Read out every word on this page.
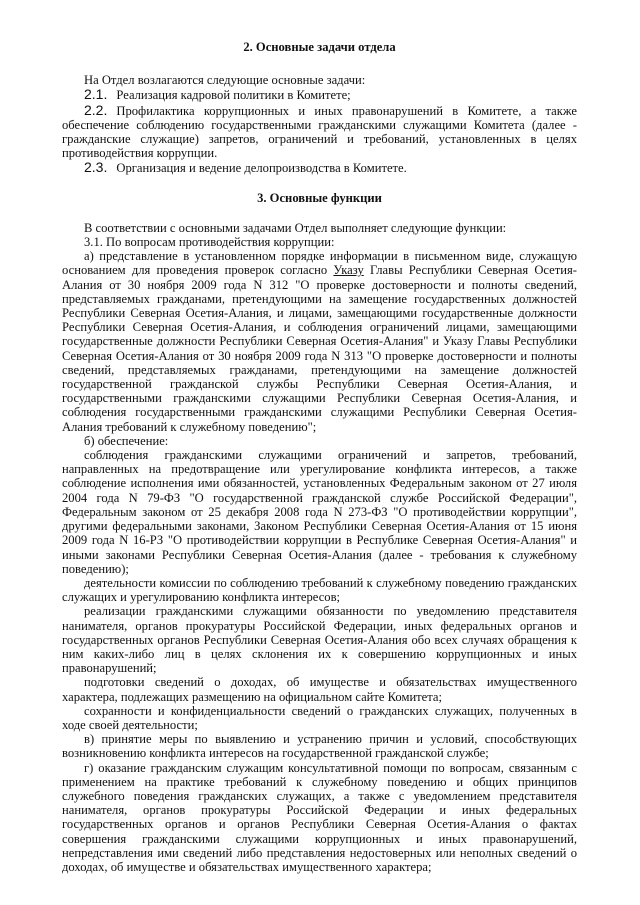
2. Основные задачи отдела

На Отдел возлагаются следующие основные задачи:

2.1. Реализация кадровой политики в Комитете;

2.2. Профилактика коррупционных и иных правонарушений в Комитете, а также обеспечение соблюдению государственными гражданскими служащими Комитета (далее - гражданские служащие) запретов, ограничений и требований, установленных в целях противодействия коррупции.

2.3. Организация и ведение делопроизводства в Комитете.

3. Основные функции

В соответствии с основными задачами Отдел выполняет следующие функции:

3.1. По вопросам противодействия коррупции:

а) представление в установленном порядке информации в письменном виде, служащую основанием для проведения проверок согласно Указу Главы Республики Северная Осетия-Алания от 30 ноября 2009 года N 312 "О проверке достоверности и полноты сведений, представляемых гражданами, претендующими на замещение государственных должностей Республики Северная Осетия-Алания, и лицами, замещающими государственные должности Республики Северная Осетия-Алания, и соблюдения ограничений лицами, замещающими государственные должности Республики Северная Осетия-Алания" и Указу Главы Республики Северная Осетия-Алания от 30 ноября 2009 года N 313 "О проверке достоверности и полноты сведений, представляемых гражданами, претендующими на замещение должностей государственной гражданской службы Республики Северная Осетия-Алания, и государственными гражданскими служащими Республики Северная Осетия-Алания, и соблюдения государственными гражданскими служащими Республики Северная Осетия-Алания требований к служебному поведению";

б) обеспечение:

соблюдения гражданскими служащими ограничений и запретов, требований, направленных на предотвращение или урегулирование конфликта интересов, а также соблюдение исполнения ими обязанностей, установленных Федеральным законом от 27 июля 2004 года N 79-ФЗ "О государственной гражданской службе Российской Федерации", Федеральным законом от 25 декабря 2008 года N 273-ФЗ "О противодействии коррупции", другими федеральными законами, Законом Республики Северная Осетия-Алания от 15 июня 2009 года N 16-РЗ "О противодействии коррупции в Республике Северная Осетия-Алания" и иными законами Республики Северная Осетия-Алания (далее - требования к служебному поведению);

деятельности комиссии по соблюдению требований к служебному поведению гражданских служащих и урегулированию конфликта интересов;

реализации гражданскими служащими обязанности по уведомлению представителя нанимателя, органов прокуратуры Российской Федерации, иных федеральных органов и государственных органов Республики Северная Осетия-Алания обо всех случаях обращения к ним каких-либо лиц в целях склонения их к совершению коррупционных и иных правонарушений;

подготовки сведений о доходах, об имуществе и обязательствах имущественного характера, подлежащих размещению на официальном сайте Комитета;

сохранности и конфиденциальности сведений о гражданских служащих, полученных в ходе своей деятельности;

в) принятие меры по выявлению и устранению причин и условий, способствующих возникновению конфликта интересов на государственной гражданской службе;

г) оказание гражданским служащим консультативной помощи по вопросам, связанным с применением на практике требований к служебному поведению и общих принципов служебного поведения гражданских служащих, а также с уведомлением представителя нанимателя, органов прокуратуры Российской Федерации и иных федеральных государственных органов и органов Республики Северная Осетия-Алания о фактах совершения гражданскими служащими коррупционных и иных правонарушений, непредставления ими сведений либо представления недостоверных или неполных сведений о доходах, об имуществе и обязательствах имущественного характера;
